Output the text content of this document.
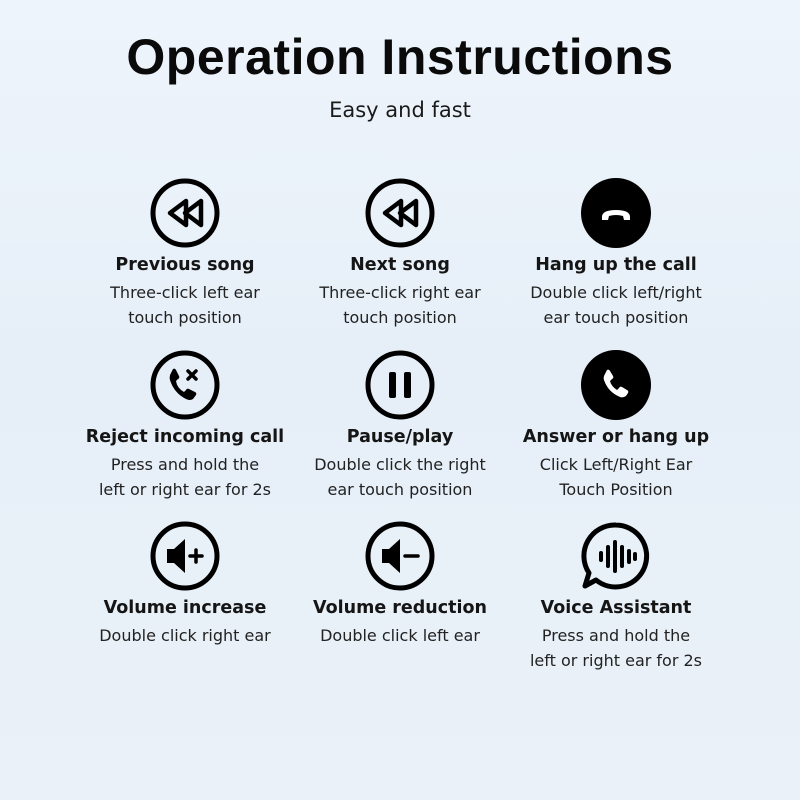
Operation Instructions
Easy and fast
Previous song
Three-click left ear
touch position
Next song
Three-click right ear
touch position
Hang up the call
Double click left/right
ear touch position
Reject incoming call
Press and hold the
left or right ear for 2s
Pause/play
Double click the right
ear touch position
Answer or hang up
Click Left/Right Ear
Touch Position
Volume increase
Double click right ear
Volume reduction
Double click left ear
Voice Assistant
Press and hold the
left or right ear for 2s
